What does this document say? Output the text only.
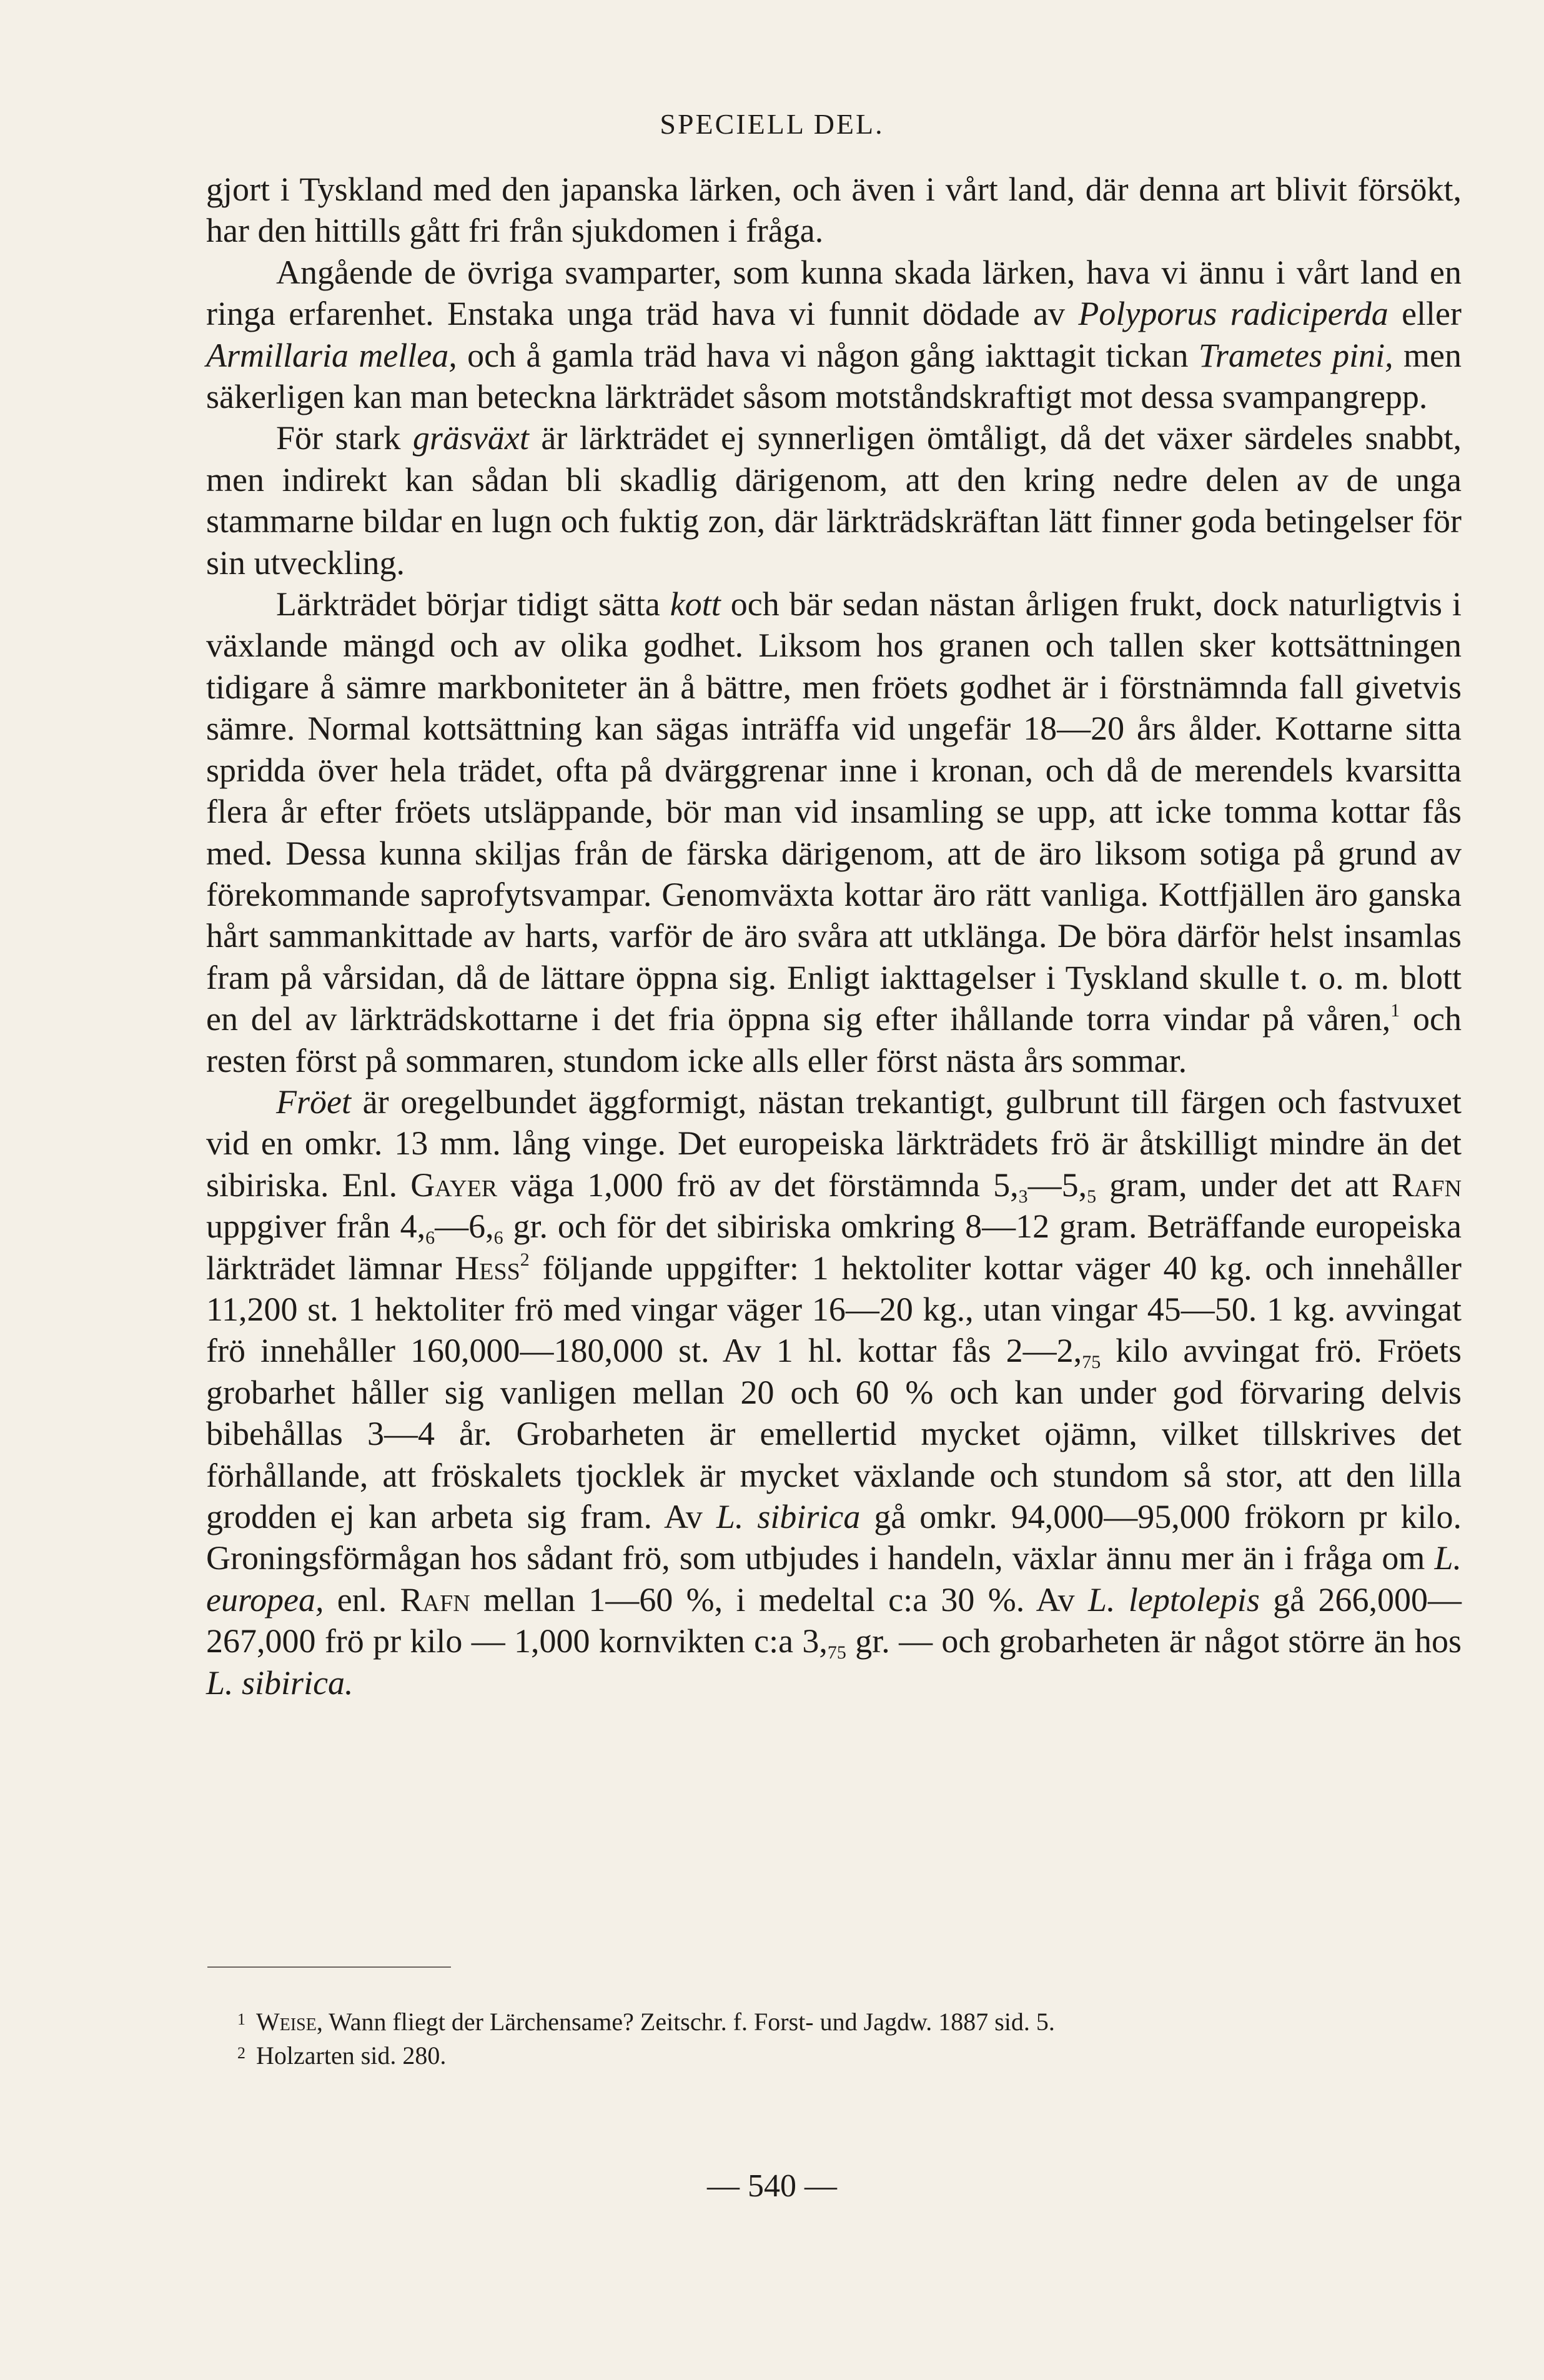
SPECIELL DEL.

gjort i Tyskland med den japanska lärken, och även i vårt land, där denna art blivit försökt, har den hittills gått fri från sjukdomen i fråga.

Angående de övriga svamparter, som kunna skada lärken, hava vi ännu i vårt land en ringa erfarenhet. Enstaka unga träd hava vi funnit dödade av Polyporus radiciperda eller Armillaria mellea, och å gamla träd hava vi någon gång iakttagit tickan Trametes pini, men säkerligen kan man beteckna lärkträdet såsom motståndskraftigt mot dessa svampangrepp.

För stark gräsväxt är lärkträdet ej synnerligen ömtåligt, då det växer särdeles snabbt, men indirekt kan sådan bli skadlig därigenom, att den kring nedre delen av de unga stammarne bildar en lugn och fuktig zon, där lärkträdskräftan lätt finner goda betingelser för sin utveckling.

Lärkträdet börjar tidigt sätta kott och bär sedan nästan årligen frukt, dock naturligtvis i växlande mängd och av olika godhet. Liksom hos granen och tallen sker kottsättningen tidigare å sämre markboniteter än å bättre, men fröets godhet är i förstnämnda fall givetvis sämre. Normal kottsättning kan sägas inträffa vid ungefär 18—20 års ålder. Kottarne sitta spridda över hela trädet, ofta på dvärggrenar inne i kronan, och då de merendels kvarsitta flera år efter fröets utsläppande, bör man vid insamling se upp, att icke tomma kottar fås med. Dessa kunna skiljas från de färska därigenom, att de äro liksom sotiga på grund av förekommande saprofytsvampar. Genomväxta kottar äro rätt vanliga. Kottfjällen äro ganska hårt sammankittade av harts, varför de äro svåra att utklänga. De böra därför helst insamlas fram på vårsidan, då de lättare öppna sig. Enligt iakttagelser i Tyskland skulle t. o. m. blott en del av lärkträdskottarne i det fria öppna sig efter ihållande torra vindar på våren,$^1$ och resten först på sommaren, stundom icke alls eller först nästa års sommar.

Fröet är oregelbundet äggformigt, nästan trekantigt, gulbrunt till färgen och fastvuxet vid en omkr. 13 mm. lång vinge. Det europeiska lärkträdets frö är åtskilligt mindre än det sibiriska. Enl. Gayer väga 1,000 frö av det förstämnda $5,_3—5,_5$ gram, under det att Rafn uppgiver från $4,_6—6,_6$ gr. och för det sibiriska omkring 8—12 gram. Beträffande europeiska lärkträdet lämnar Hess$^2$ följande uppgifter: 1 hektoliter kottar väger 40 kg. och innehåller 11,200 st. 1 hektoliter frö med vingar väger 16—20 kg., utan vingar 45—50. 1 kg. avvingat frö innehåller 160,000—180,000 st. Av 1 hl. kottar fås $2—2,_{75}$ kilo avvingat frö. Fröets grobarhet håller sig vanligen mellan 20 och 60 % och kan under god förvaring delvis bibehållas 3—4 år. Grobarheten är emellertid mycket ojämn, vilket tillskrives det förhållande, att fröskalets tjocklek är mycket växlande och stundom så stor, att den lilla grodden ej kan arbeta sig fram. Av L. sibirica gå omkr. 94,000—95,000 frökorn pr kilo. Groningsförmågan hos sådant frö, som utbjudes i handeln, växlar ännu mer än i fråga om L. europea, enl. Rafn mellan 1—60 %, i medeltal c:a 30 %. Av L. leptolepis gå 266,000—267,000 frö pr kilo — 1,000 kornvikten c:a $3,_{75}$ gr. — och grobarheten är något större än hos L. sibirica.

1 Weise, Wann fliegt der Lärchensame? Zeitschr. f. Forst- und Jagdw. 1887 sid. 5.
2 Holzarten sid. 280.
— 540 —
